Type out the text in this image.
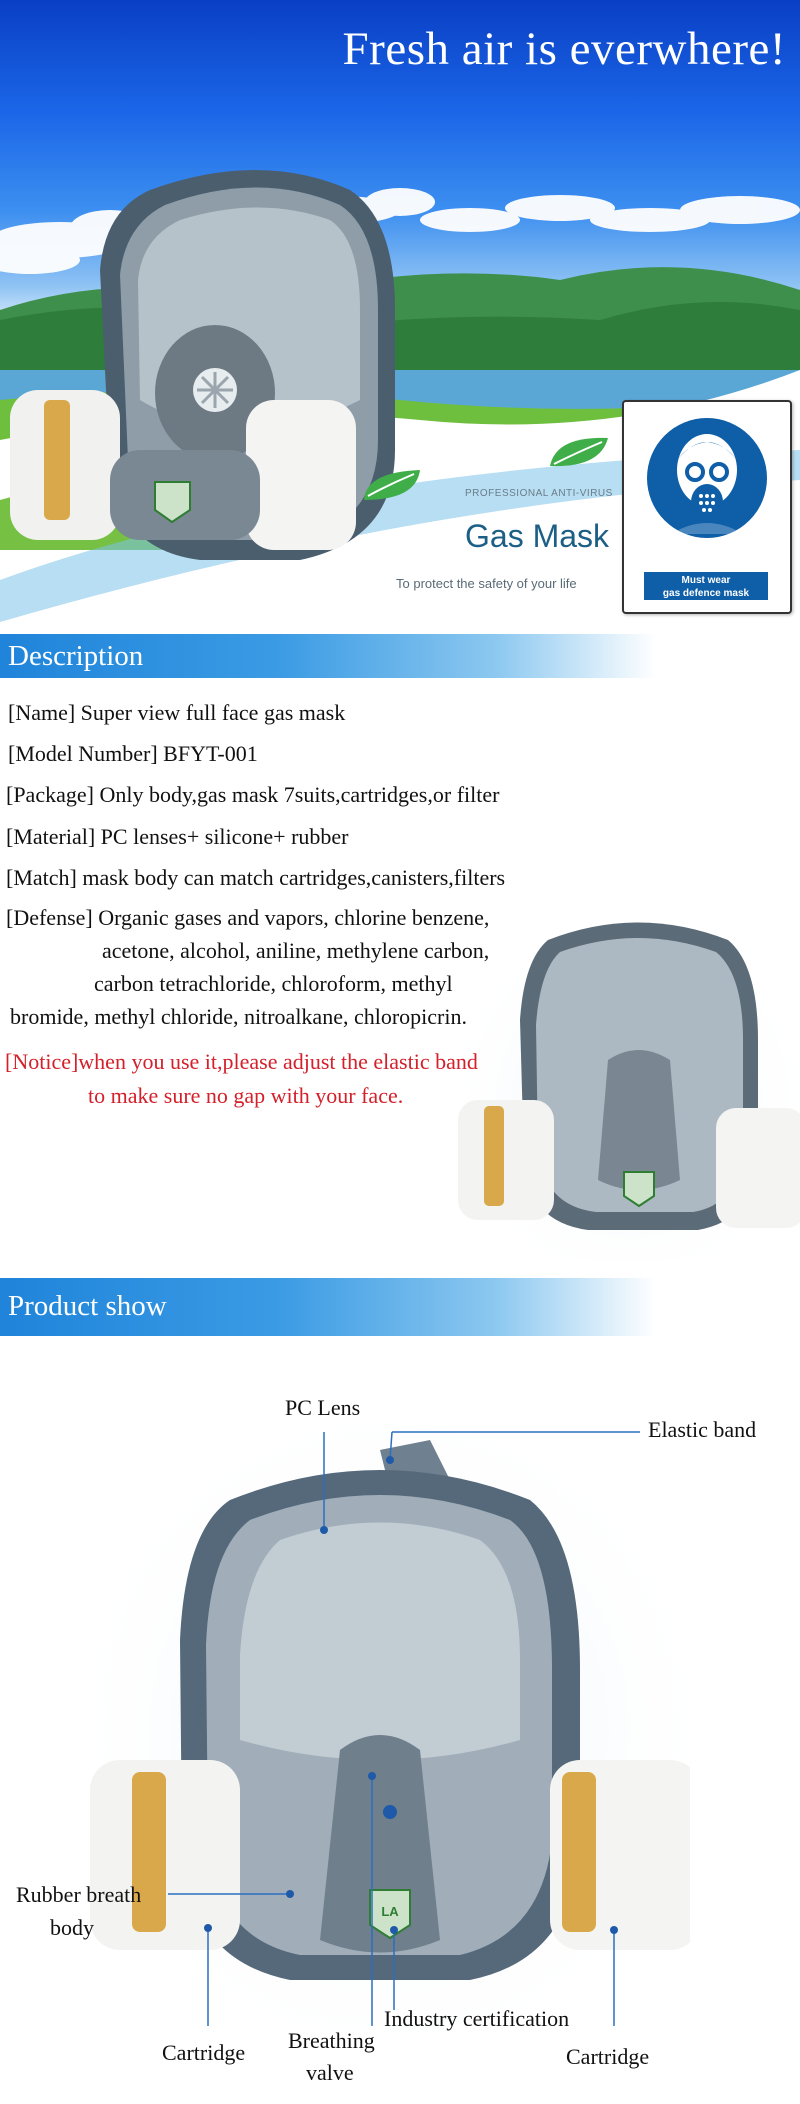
PROFESSIONAL ANTI-VIRUS
Gas Mask
To protect the safety of your life	Must wear
gas defence mask
Fresh air is everwhere!
Description
[Name] Super view full face gas mask
[Model Number] BFYT-001
[Package] Only body,gas mask 7suits,cartridges,or filter
[Material] PC lenses+ silicone+ rubber
[Match] mask body can match cartridges,canisters,filters
[Defense] Organic gases and vapors, chlorine benzene,
acetone, alcohol, aniline, methylene carbon,
carbon tetrachloride, chloroform, methyl
bromide, methyl chloride, nitroalkane, chloropicrin.
[Notice]when you use it,please adjust the elastic band
to make sure no gap with your face.
Product show
LA
PC Lens
Elastic band
Rubber breath
body
Cartridge Breathing
valve
Industry certification
Cartridge
